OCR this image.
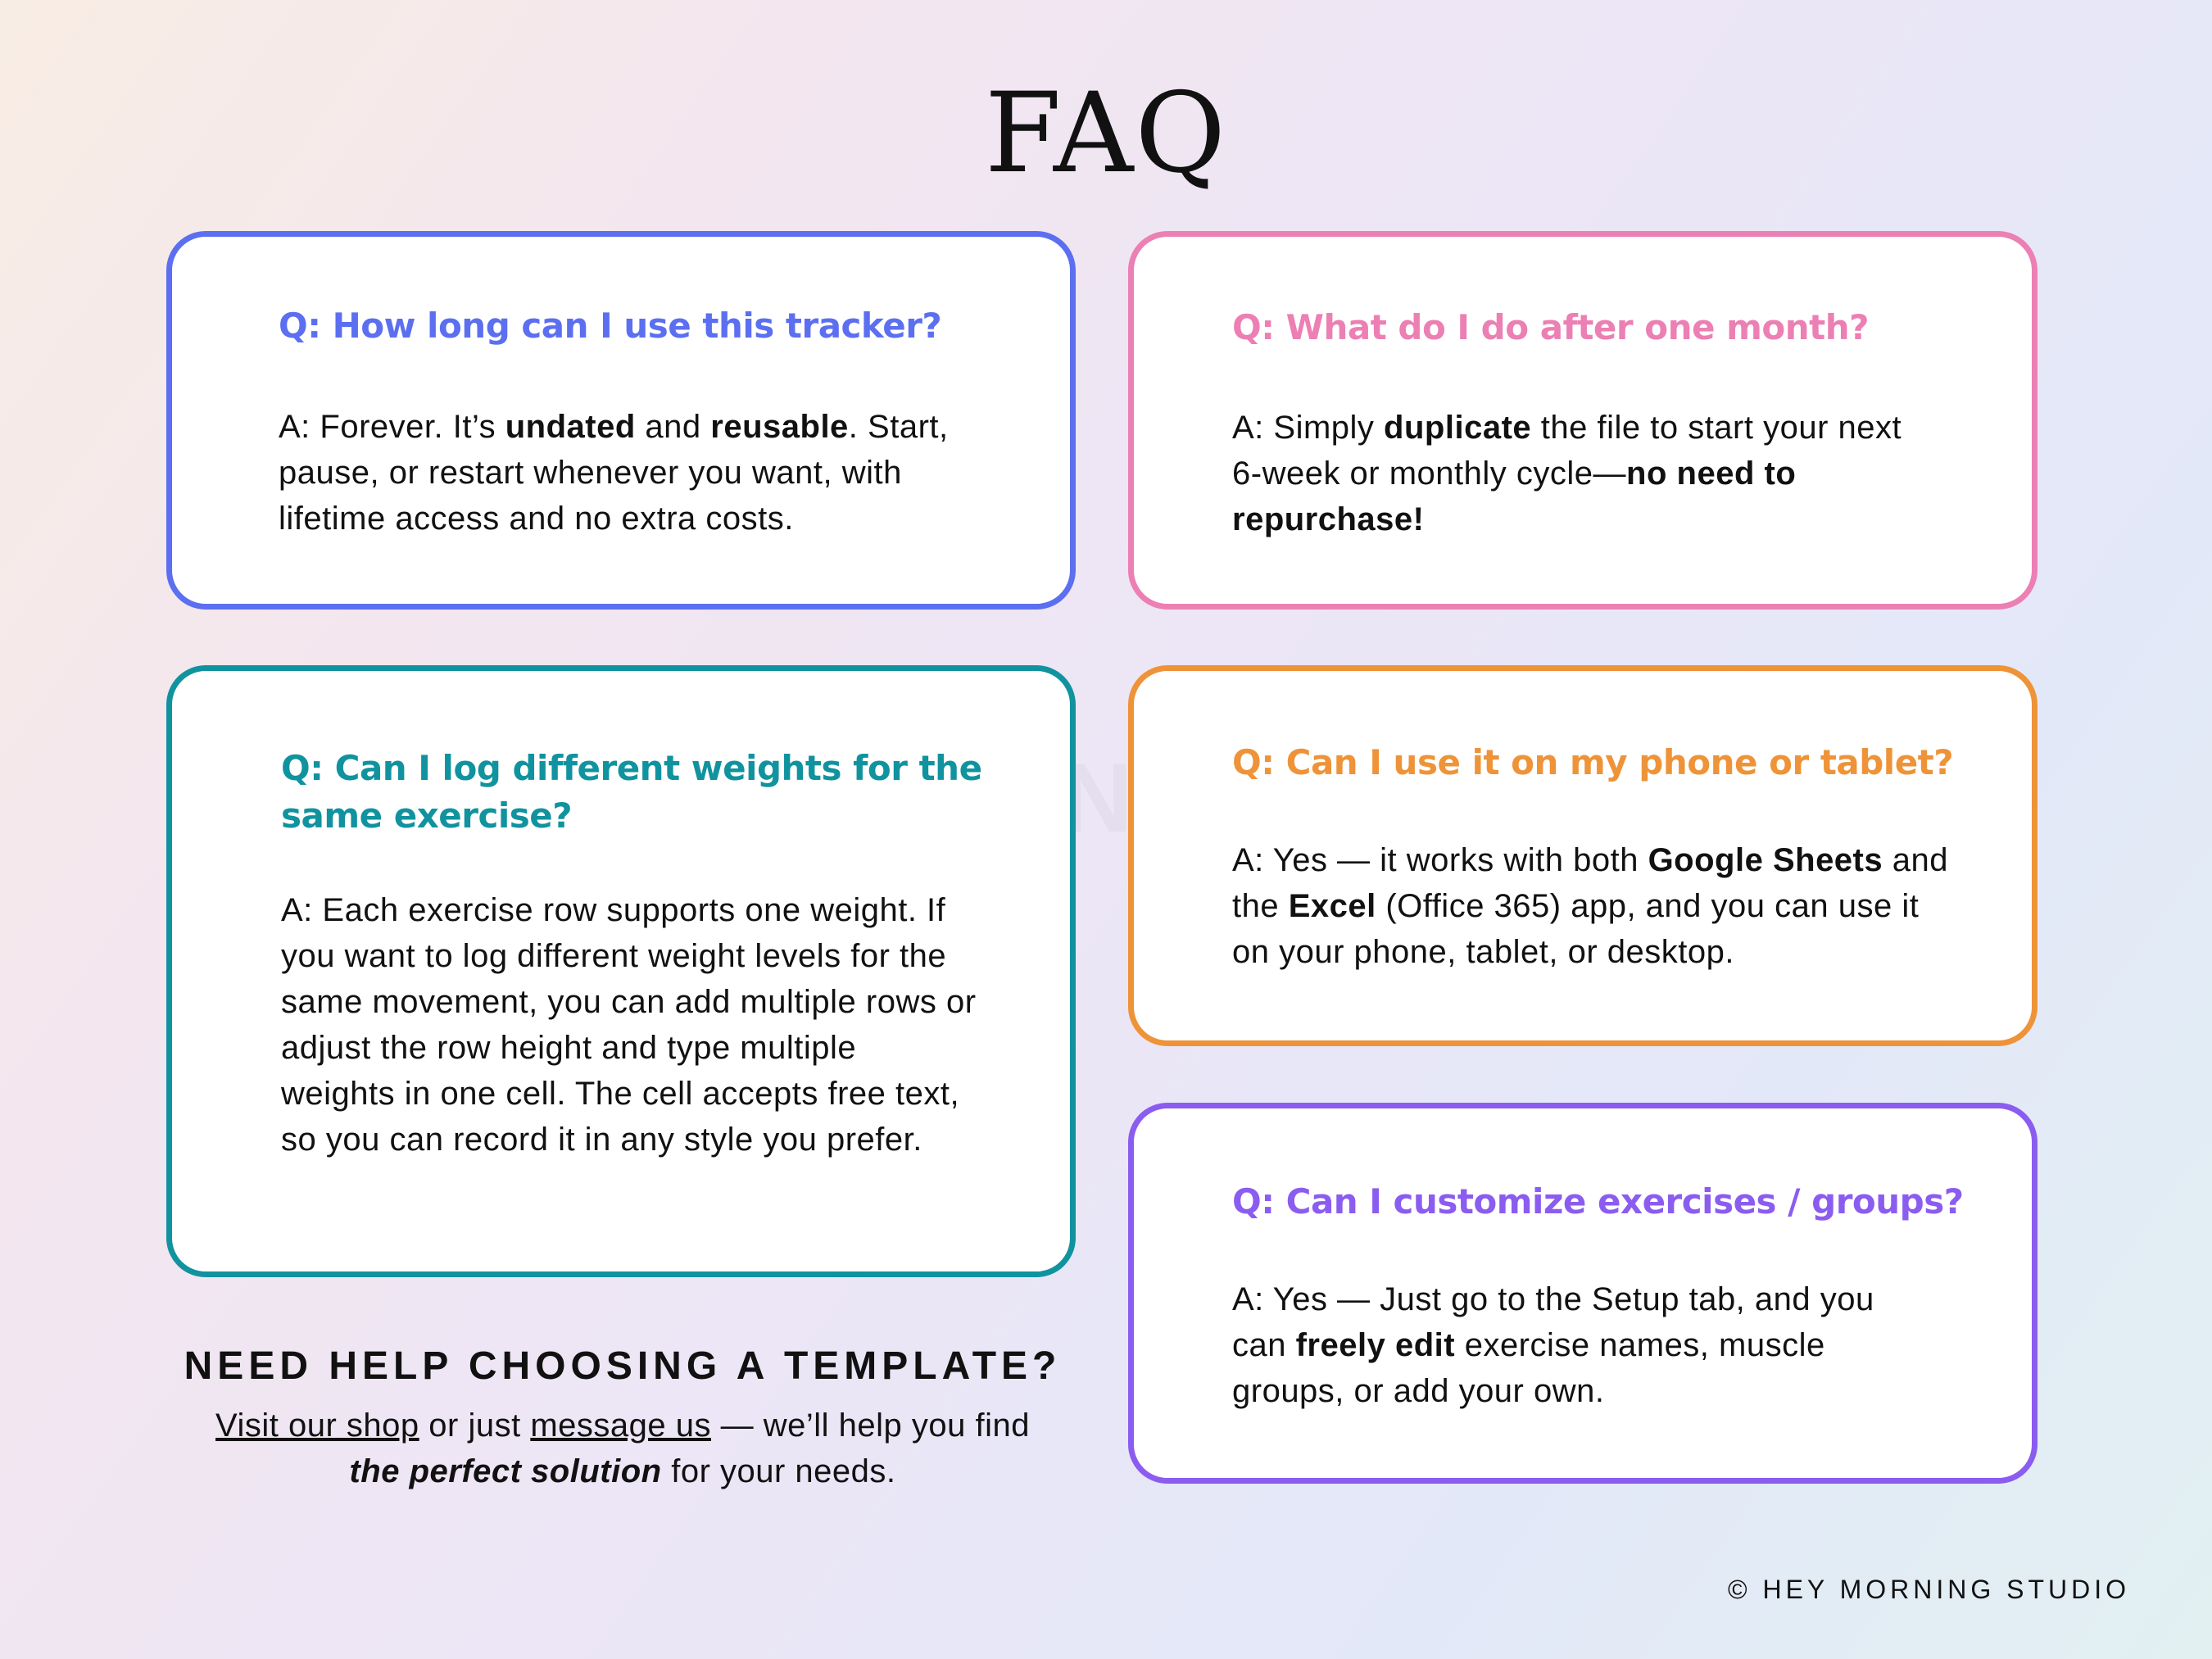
FAQ
Q: How long can I use this tracker?
A: Forever. It’s undated and reusable. Start, pause, or restart whenever you want, with lifetime access and no extra costs.
Q: What do I do after one month?
A: Simply duplicate the file to start your next 6-week or monthly cycle—no need to repurchase!
Q: Can I log different weights for the same exercise?
A: Each exercise row supports one weight. If you want to log different weight levels for the same movement, you can add multiple rows or adjust the row height and type multiple weights in one cell. The cell accepts free text, so you can record it in any style you prefer.
Q: Can I use it on my phone or tablet?
A: Yes — it works with both Google Sheets and the Excel (Office 365) app, and you can use it on your phone, tablet, or desktop.
Q: Can I customize exercises / groups?
A: Yes — Just go to the Setup tab, and you can freely edit exercise names, muscle groups, or add your own.
NEED HELP CHOOSING A TEMPLATE?
Visit our shop or just message us — we’ll help you find
the perfect solution for your needs.
© HEY MORNING STUDIO
